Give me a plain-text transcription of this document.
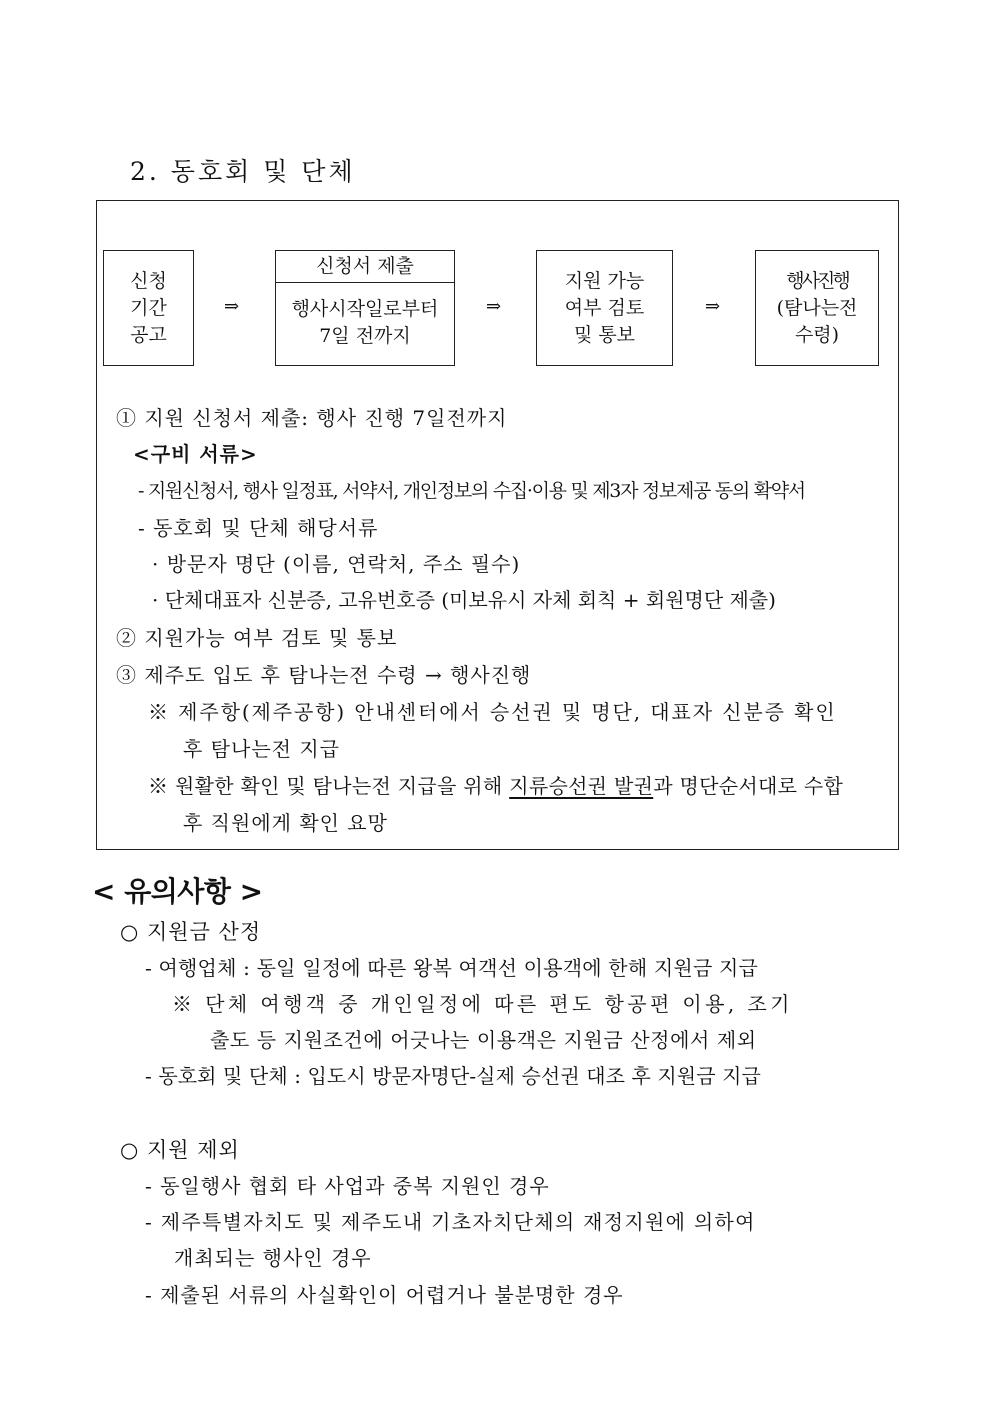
2. 동호회 및 단체
신청
기간
공고
⇒
신청서 제출
행사시작일로부터
7일 전까지
⇒
지원 가능
여부 검토
및 통보
⇒
행사진행
(탐나는전
수령)
① 지원 신청서 제출: 행사 진행 7일전까지
<구비 서류>
- 지원신청서, 행사 일정표, 서약서, 개인정보의 수집·이용 및 제3자 정보제공 동의 확약서
- 동호회 및 단체 해당서류
· 방문자 명단 (이름, 연락처, 주소 필수)
· 단체대표자 신분증, 고유번호증 (미보유시 자체 회칙 + 회원명단 제출)
② 지원가능 여부 검토 및 통보
③ 제주도 입도 후 탐나는전 수령 → 행사진행
※ 제주항(제주공항) 안내센터에서 승선권 및 명단, 대표자 신분증 확인
후 탐나는전 지급
※ 원활한 확인 및 탐나는전 지급을 위해 지류승선권 발권과 명단순서대로 수합
후 직원에게 확인 요망
< 유의사항 >
○ 지원금 산정
- 여행업체 : 동일 일정에 따른 왕복 여객선 이용객에 한해 지원금 지급
※ 단체 여행객 중 개인일정에 따른 편도 항공편 이용, 조기
출도 등 지원조건에 어긋나는 이용객은 지원금 산정에서 제외
- 동호회 및 단체 : 입도시 방문자명단-실제 승선권 대조 후 지원금 지급
○ 지원 제외
- 동일행사 협회 타 사업과 중복 지원인 경우
- 제주특별자치도 및 제주도내 기초자치단체의 재정지원에 의하여
개최되는 행사인 경우
- 제출된 서류의 사실확인이 어렵거나 불분명한 경우
